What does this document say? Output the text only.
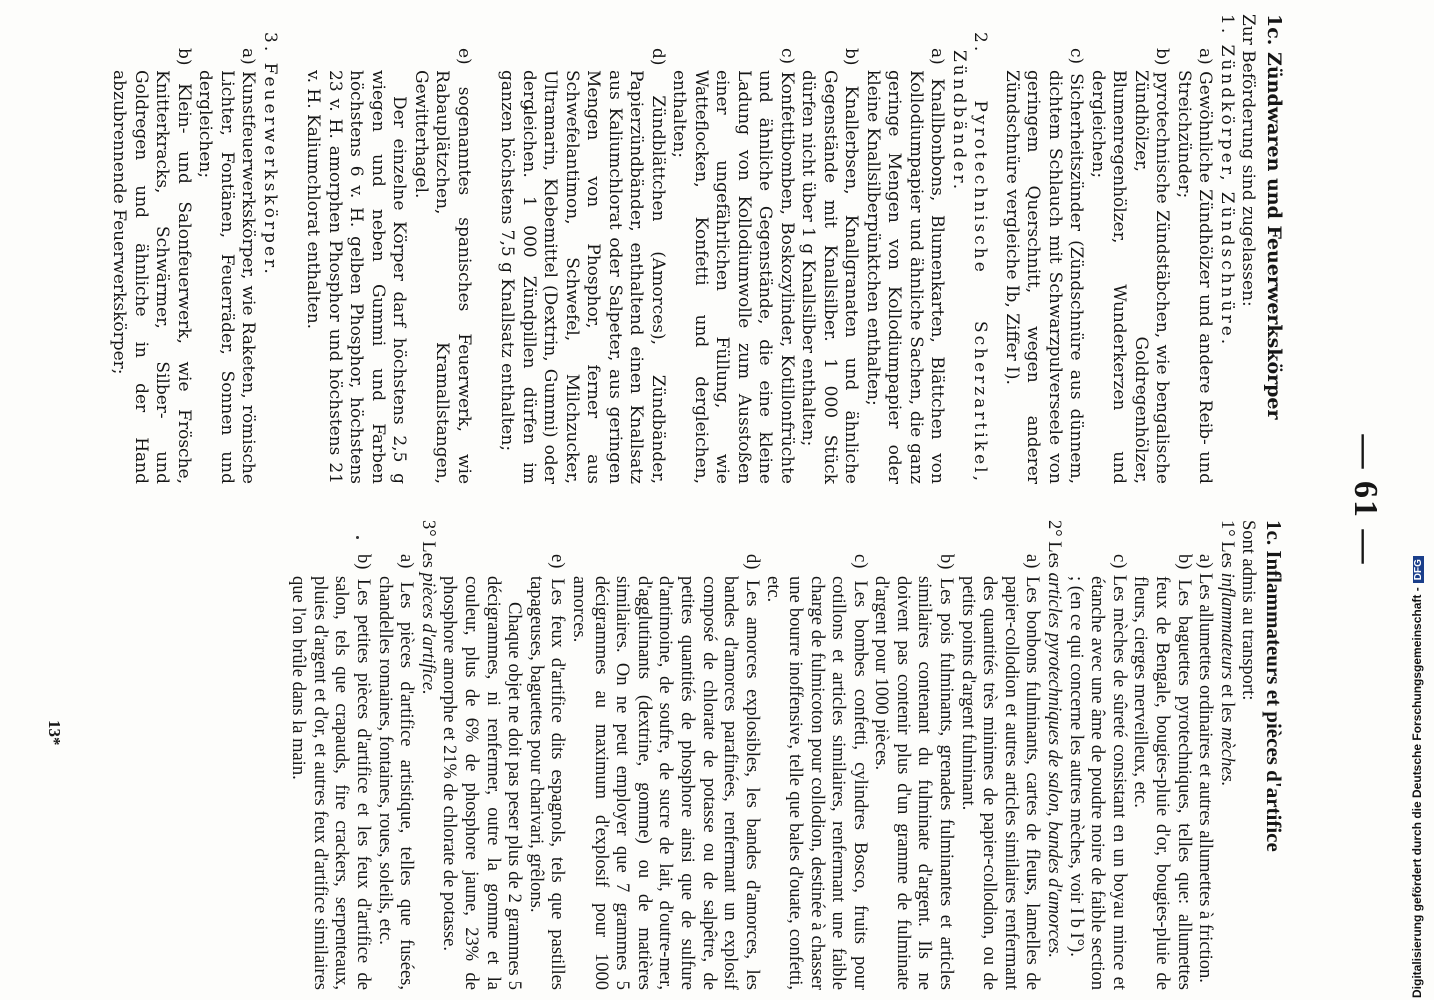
— 61 —
1c. Zündwaren und Feuerwerkskörper

Zur Beförderung sind zugelassen:

1. Zündkörper, Zündschnüre.

a) Gewöhnliche Zündhölzer und andere Reib- und Streichzünder;

b) pyrotechnische Zündstäbchen, wie bengalische Zündhölzer, Goldregenhölzer, Blumenregenhölzer, Wunderkerzen und dergleichen;

c) Sicherheitszünder (Zündschnüre aus dünnem, dichtem Schlauch mit Schwarzpulverseele von geringem Querschnitt, wegen anderer Zündschnüre vergleiche Ib, Ziffer I).

2. Pyrotechnische Scherzartikel, Zündbänder.

a) Knallbonbons, Blumenkarten, Blättchen von Kollodiumpapier und ähnliche Sachen, die ganz geringe Mengen von Kollodiumpapier oder kleine Knallsilberpünktchen enthalten;

b) Knallerbsen, Knallgranaten und ähnliche Gegenstände mit Knallsilber. 1 000 Stück dürfen nicht über 1 g Knallsilber enthalten;

c) Konfettibomben, Boskozylinder, Kotillonfrüchte und ähnliche Gegenstände, die eine kleine Ladung von Kollodiumwolle zum Ausstoßen einer ungefährlichen Füllung, wie Watteflocken, Konfetti und dergleichen, enthalten;

d) Zündblättchen (Amorces), Zündbänder, Papierzündbänder, enthaltend einen Knallsatz aus Kaliumchlorat oder Salpeter, aus geringen Mengen von Phosphor, ferner aus Schwefelantimon, Schwefel, Milchzucker, Ultramarin, Klebemittel (Dextrin, Gummi) oder dergleichen. 1 000 Zündpillen dürfen im ganzen höchstens 7,5 g Knallsatz enthalten;

e) sogenanntes spanisches Feuerwerk, wie Rabauplätzchen, Kramallstangen, Gewitterhagel.

Der einzelne Körper darf höchstens 2,5 g wiegen und neben Gummi und Farben höchstens 6 v. H. gelben Phosphor, höchstens 23 v. H. amorphen Phosphor und höchstens 21 v. H. Kaliumchlorat enthalten.

3. Feuerwerkskörper.

a) Kunstfeuerwerkskörper, wie Raketen, römische Lichter, Fontänen, Feuerräder, Sonnen und dergleichen;

b) Klein- und Salonfeuerwerk, wie Frösche, Knitterkracks, Schwärmer, Silber- und Goldregen und ähnliche in der Hand abzubrennende Feuerwerkskörper;

1c. Inflammateurs et pièces d'artifice

Sont admis au transport:

1° Les inflammateurs et les mèches.

a) Les allumettes ordinaires et autres allumettes à friction.

b) Les baguettes pyrotechniques, telles que: allumettes feux de Bengale, bougies-pluie d'or, bougies-pluie de fleurs, cierges merveilleux, etc.

c) Les mèches de sûreté consistant en un boyau mince et étanche avec une âme de poudre noire de faible section ; (en ce qui concerne les autres mèches, voir I b I°).

2° Les articles pyrotechniques de salon, bandes d'amorces.

a) Les bonbons fulminants, cartes de fleurs, lamelles de papier-collodion et autres articles similaires renfermant des quantités très minimes de papier-collodion, ou de petits points d'argent fulminant.

b) Les pois fulminants, grenades fulminantes et articles similaires contenant du fulminate d'argent. Ils ne doivent pas contenir plus d'un gramme de fulminate d'argent pour 1000 pièces.

c) Les bombes confetti, cylindres Bosco, fruits pour cotillons et articles similaires, renfermant une faible charge de fulmicoton pour collodion, destinée à chasser une bourre inoffensive, telle que bales d'ouate, confetti, etc.

d) Les amorces explosibles, les bandes d'amorces, les bandes d'amorces parafinées, renfermant un explosif composé de chlorate de potasse ou de salpêtre, de petites quantités de phosphore ainsi que de sulfure d'antimoine, de soufre, de sucre de lait, d'outre-mer, d'agglutinants (dextrine, gomme) ou de matières similaires. On ne peut employer que 7 grammes 5 décigrammes au maximum d'explosif pour 1000 amorces.

e) Les feux d'artifice dits espagnols, tels que pastilles tapageuses, baguettes pour charivari, grêlons.

Chaque objet ne doit pas peser plus de 2 grammes 5 décigrammes, ni renfermer, outre la gomme et la couleur, plus de 6% de phosphore jaune, 23% de phosphore amorphe et 21% de chlorate de potasse.

3° Les pièces d'artifice.

a) Les pièces d'artifice artistique, telles que fusées, chandelles romaines, fontaines, roues, soleils, etc.

b) Les petites pièces d'artifice et les feux d'artifice de salon, tels que crapauds, fire crackers, serpenteaux, pluies d'argent et d'or, et autres feux d'artifice similaires que l'on brûle dans la main.

13*	Digitalisierung gefördert durch die Deutsche Forschungsgemeinschaft -DFG
